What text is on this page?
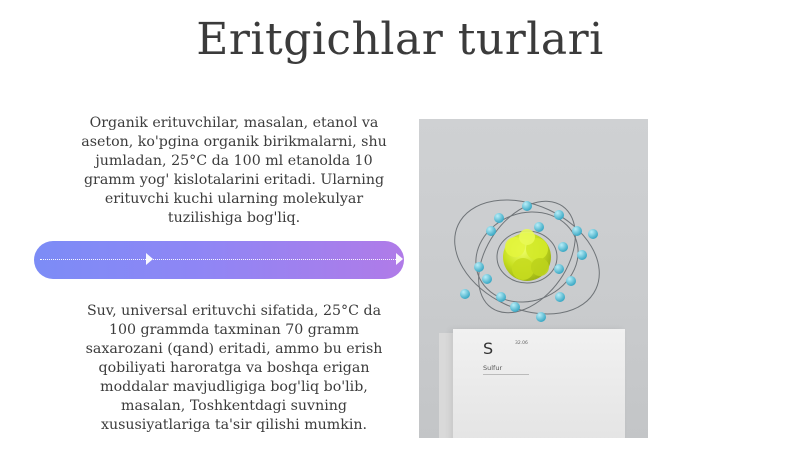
Eritgichlar turlari
Organik erituvchilar, masalan, etanol va aseton, ko'pgina organik birikmalarni, shu jumladan, 25°C da 100 ml etanolda 10 gramm yog' kislotalarini eritadi. Ularning erituvchi kuchi ularning molekulyar tuzilishiga bog'liq.
Suv, universal erituvchi sifatida, 25°C da 100 grammda taxminan 70 gramm saxarozani (qand) eritadi, ammo bu erish qobiliyati haroratga va boshqa erigan moddalar mavjudligiga bog'liq bo'lib, masalan, Toshkentdagi suvning xususiyatlariga ta'sir qilishi mumkin.
S	32.06
Sulfur
